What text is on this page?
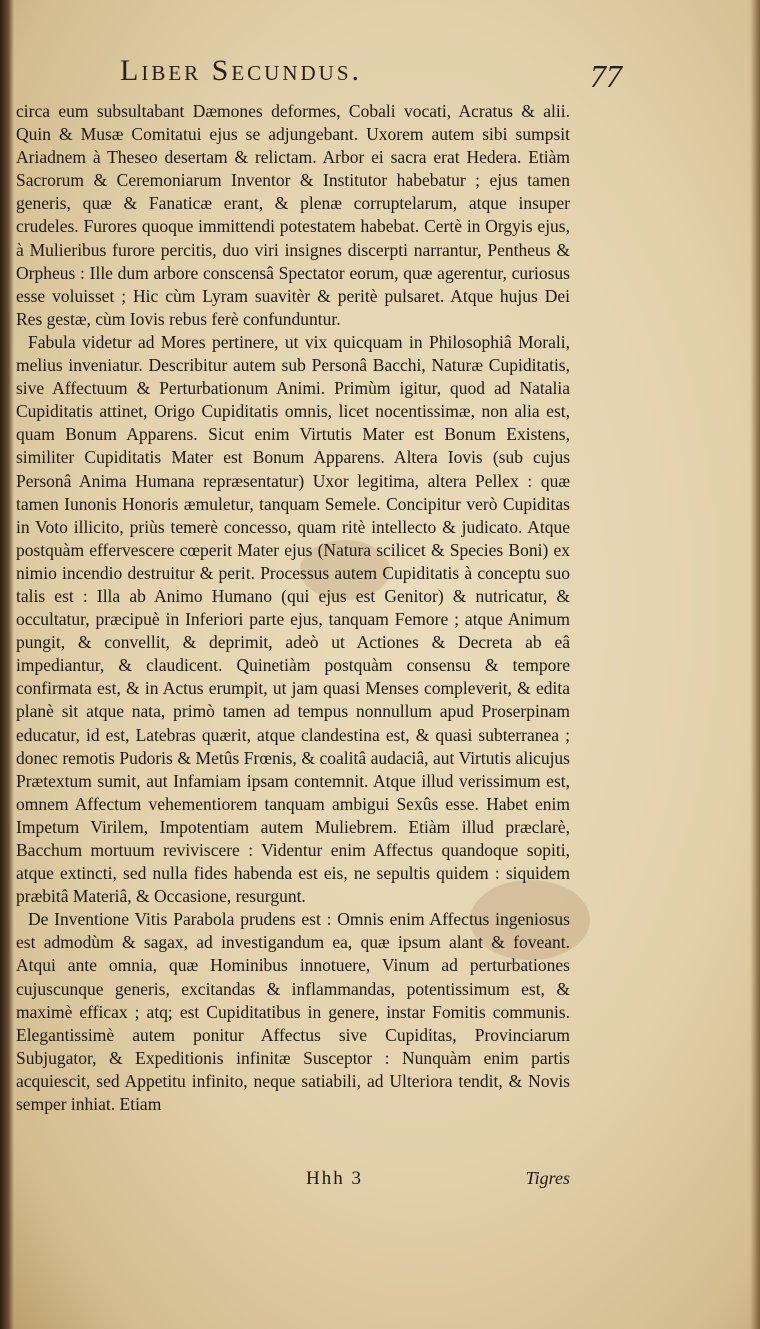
Liber Secundus.	77

circa eum subsultabant Dæmones deformes, Cobali vocati, Acratus & alii. Quin & Musæ Comitatui ejus se adjungebant. Uxorem autem sibi sumpsit Ariadnem à Theseo desertam & relictam. Arbor ei sacra erat Hedera. Etiàm Sacrorum & Ceremoniarum Inventor & Institutor habebatur ; ejus tamen generis, quæ & Fanaticæ erant, & plenæ corruptelarum, atque insuper crudeles. Furores quoque immittendi potestatem habebat. Certè in Orgyis ejus, à Mulieribus furore percitis, duo viri insignes discerpti narrantur, Pentheus & Orpheus : Ille dum arbore conscensâ Spectator eorum, quæ agerentur, curiosus esse voluisset ; Hic cùm Lyram suavitèr & peritè pulsaret. Atque hujus Dei Res gestæ, cùm Iovis rebus ferè confunduntur.

Fabula videtur ad Mores pertinere, ut vix quicquam in Philosophiâ Morali, melius inveniatur. Describitur autem sub Personâ Bacchi, Naturæ Cupiditatis, sive Affectuum & Perturbationum Animi. Primùm igitur, quod ad Natalia Cupiditatis attinet, Origo Cupiditatis omnis, licet nocentissimæ, non alia est, quam Bonum Apparens. Sicut enim Virtutis Mater est Bonum Existens, similiter Cupiditatis Mater est Bonum Apparens. Altera Iovis (sub cujus Personâ Anima Humana repræsentatur) Uxor legitima, altera Pellex : quæ tamen Iunonis Honoris æmuletur, tanquam Semele. Concipitur verò Cupiditas in Voto illicito, priùs temerè concesso, quam ritè intellecto & judicato. Atque postquàm effervescere cœperit Mater ejus (Natura scilicet & Species Boni) ex nimio incendio destruitur & perit. Processus autem Cupiditatis à conceptu suo talis est : Illa ab Animo Humano (qui ejus est Genitor) & nutricatur, & occultatur, præcipuè in Inferiori parte ejus, tanquam Femore ; atque Animum pungit, & convellit, & deprimit, adeò ut Actiones & Decreta ab eâ impediantur, & claudicent. Quinetiàm postquàm consensu & tempore confirmata est, & in Actus erumpit, ut jam quasi Menses compleverit, & edita planè sit atque nata, primò tamen ad tempus nonnullum apud Proserpinam educatur, id est, Latebras quærit, atque clandestina est, & quasi subterranea ; donec remotis Pudoris & Metûs Frœnis, & coalitâ audaciâ, aut Virtutis alicujus Prætextum sumit, aut Infamiam ipsam contemnit. Atque illud verissimum est, omnem Affectum vehementiorem tanquam ambigui Sexûs esse. Habet enim Impetum Virilem, Impotentiam autem Muliebrem. Etiàm illud præclarè, Bacchum mortuum reviviscere : Videntur enim Affectus quandoque sopiti, atque extincti, sed nulla fides habenda est eis, ne sepultis quidem : siquidem præbitâ Materiâ, & Occasione, resurgunt.

De Inventione Vitis Parabola prudens est : Omnis enim Affectus ingeniosus est admodùm & sagax, ad investigandum ea, quæ ipsum alant & foveant. Atqui ante omnia, quæ Hominibus innotuere, Vinum ad perturbationes cujuscunque generis, excitandas & inflammandas, potentissimum est, & maximè efficax ; atq; est Cupiditatibus in genere, instar Fomitis communis. Elegantissimè autem ponitur Affectus sive Cupiditas, Provinciarum Subjugator, & Expeditionis infinitæ Susceptor : Nunquàm enim partis acquiescit, sed Appetitu infinito, neque satiabili, ad Ulteriora tendit, & Novis semper inhiat. Etiam

Hhh 3	Tigres
